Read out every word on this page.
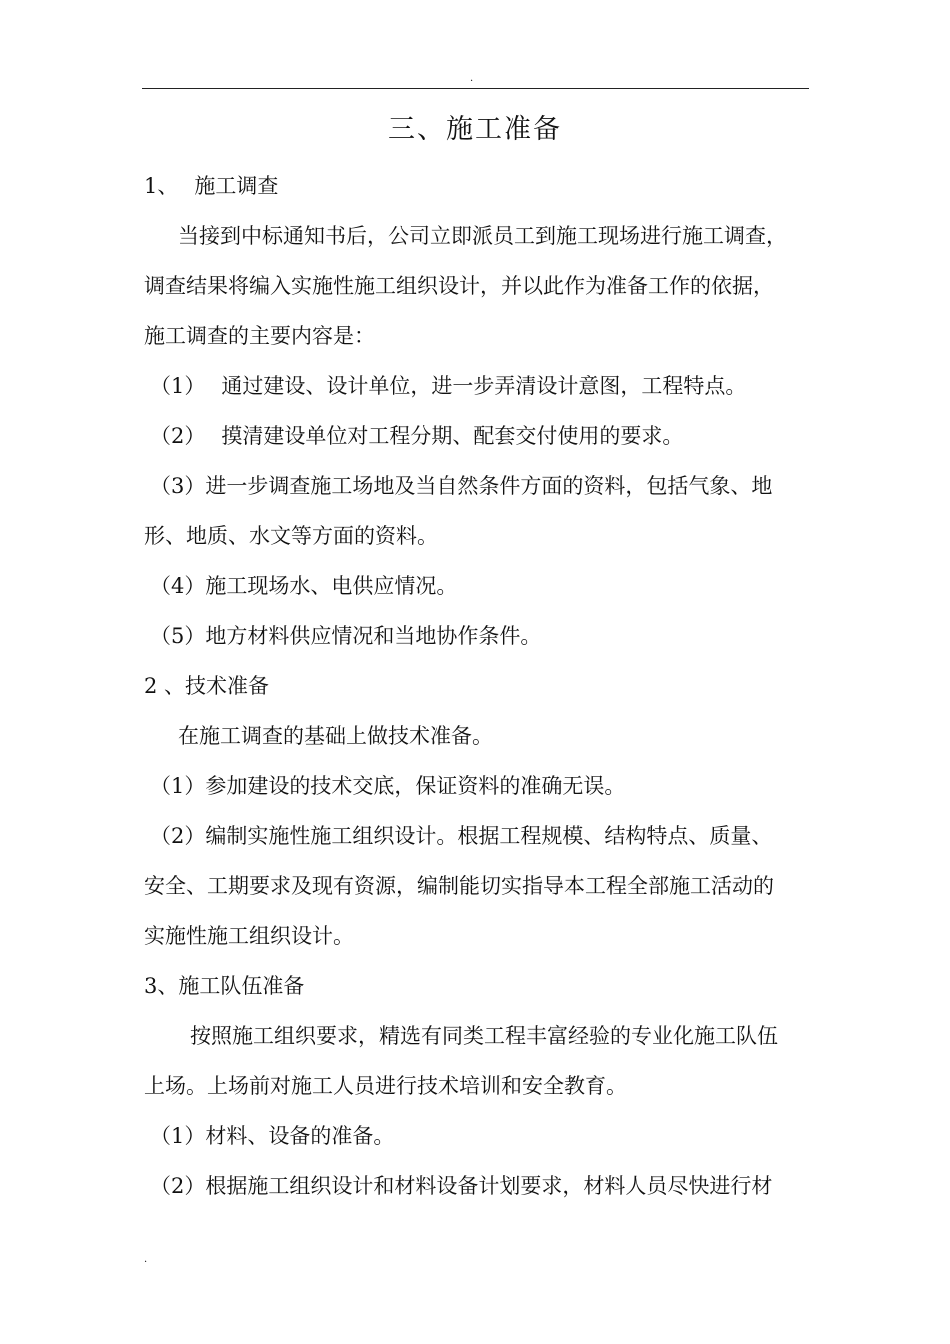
.
三、施工准备
1、 施工调查
当接到中标通知书后，公司立即派员工到施工现场进行施工调查，
调查结果将编入实施性施工组织设计，并以此作为准备工作的依据，
施工调查的主要内容是：
（1） 通过建设、设计单位，进一步弄清设计意图，工程特点。
（2） 摸清建设单位对工程分期、配套交付使用的要求。
（3）进一步调查施工场地及当自然条件方面的资料，包括气象、地
形、地质、水文等方面的资料。
（4）施工现场水、电供应情况。
（5）地方材料供应情况和当地协作条件。
2 、技术准备
在施工调查的基础上做技术准备。
（1）参加建设的技术交底，保证资料的准确无误。
（2）编制实施性施工组织设计。根据工程规模、结构特点、质量、
安全、工期要求及现有资源，编制能切实指导本工程全部施工活动的
实施性施工组织设计。
3、施工队伍准备
按照施工组织要求，精选有同类工程丰富经验的专业化施工队伍
上场。上场前对施工人员进行技术培训和安全教育。
（1）材料、设备的准备。
（2）根据施工组织设计和材料设备计划要求，材料人员尽快进行材
.
